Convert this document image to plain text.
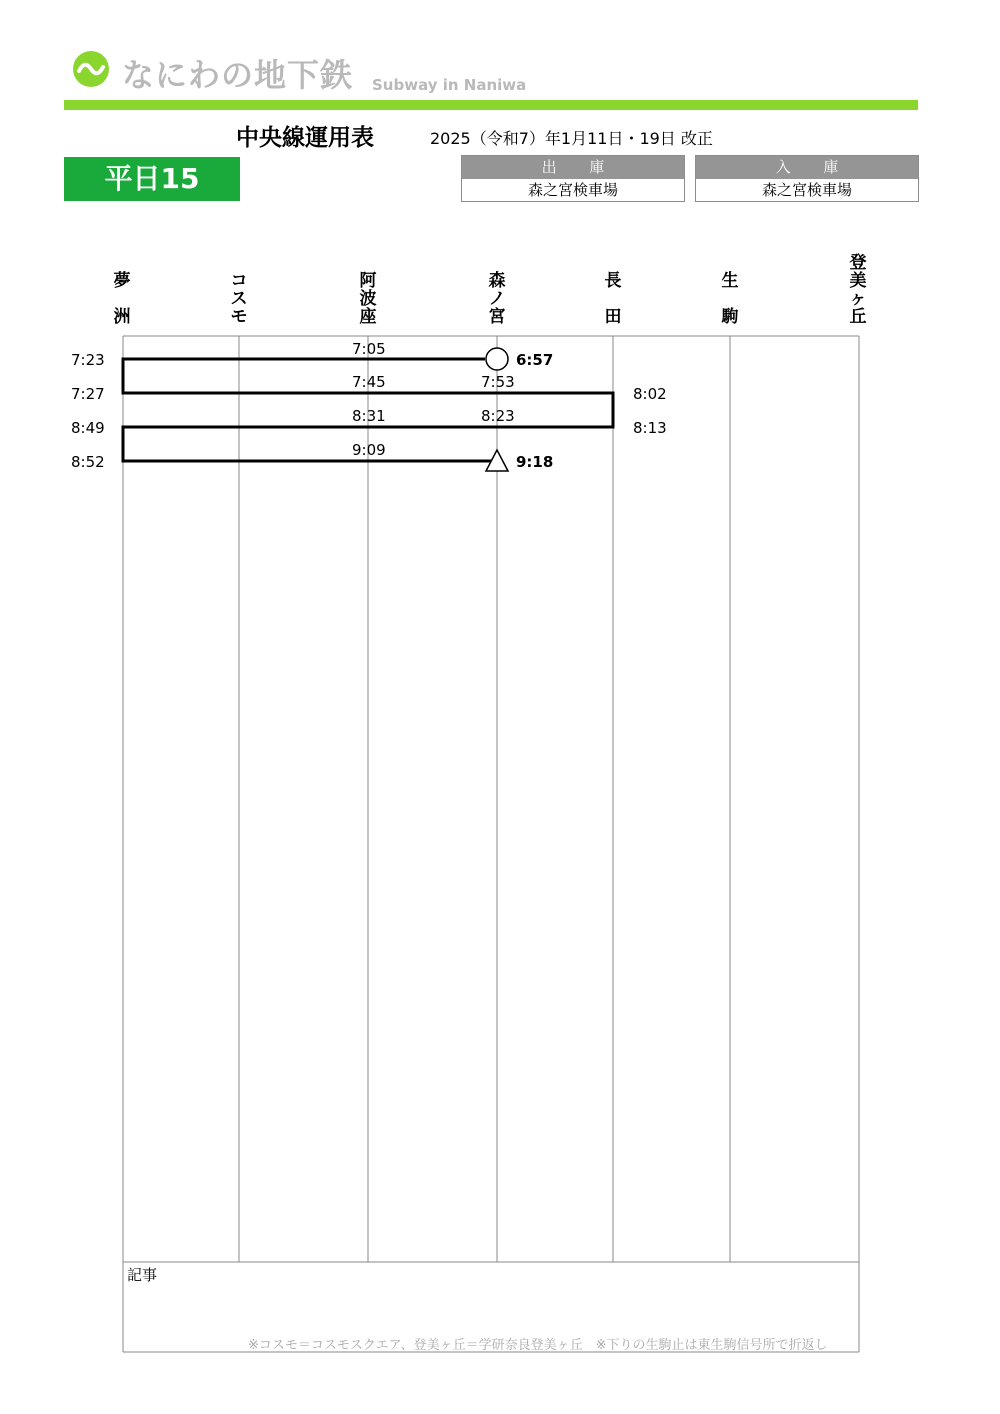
なにわの地下鉄 Subway in Naniwa
中央線運用表	2025（令和7）年1月11日・19日 改正
平日15	出 庫
森之宮検車場
入 庫
森之宮検車場
夢
洲
コ
ス
モ
阿
波
座
森
ノ
宮
長
田
生
駒
登
美
ヶ
丘
7:23
7:27
8:49
8:52
7:05
7:45
8:31
9:09
7:53
8:23
8:02
8:13
6:57
9:18
記事
※コスモ＝コスモスクエア、登美ヶ丘＝学研奈良登美ヶ丘　※下りの生駒止は東生駒信号所で折返し
